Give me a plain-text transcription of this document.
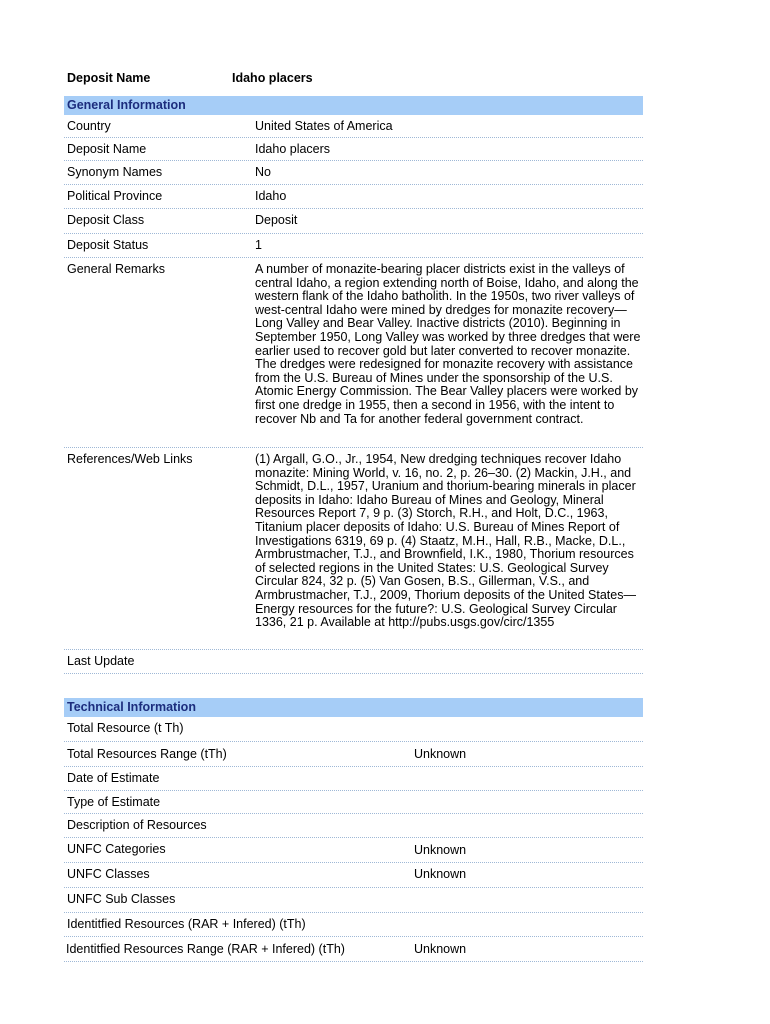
Deposit Name	Idaho placers
General Information
Country	United States of America
Deposit Name	Idaho placers
Synonym Names	No
Political Province	Idaho
Deposit Class	Deposit
Deposit Status	1
General Remarks	A number of monazite-bearing placer districts exist in the valleys of central Idaho, a region extending north of Boise, Idaho, and along the western flank of the Idaho batholith. In the 1950s, two river valleys of west-central Idaho were mined by dredges for monazite recovery—Long Valley and Bear Valley. Inactive districts (2010). Beginning in September 1950, Long Valley was worked by three dredges that were earlier used to recover gold but later converted to recover monazite. The dredges were redesigned for monazite recovery with assistance from the U.S. Bureau of Mines under the sponsorship of the U.S. Atomic Energy Commission. The Bear Valley placers were worked by first one dredge in 1955, then a second in 1956, with the intent to recover Nb and Ta for another federal government contract.
References/Web Links	(1) Argall, G.O., Jr., 1954, New dredging techniques recover Idaho monazite: Mining World, v. 16, no. 2, p. 26–30. (2) Mackin, J.H., and Schmidt, D.L., 1957, Uranium and thorium-bearing minerals in placer deposits in Idaho: Idaho Bureau of Mines and Geology, Mineral Resources Report 7, 9 p. (3) Storch, R.H., and Holt, D.C., 1963, Titanium placer deposits of Idaho: U.S. Bureau of Mines Report of Investigations 6319, 69 p. (4) Staatz, M.H., Hall, R.B., Macke, D.L., Armbrustmacher, T.J., and Brownfield, I.K., 1980, Thorium resources of selected regions in the United States: U.S. Geological Survey Circular 824, 32 p. (5) Van Gosen, B.S., Gillerman, V.S., and Armbrustmacher, T.J., 2009, Thorium deposits of the United States—Energy resources for the future?: U.S. Geological Survey Circular 1336, 21 p. Available at http://pubs.usgs.gov/circ/1355
Last Update
Technical Information
Total Resource (t Th)
Total Resources Range (tTh)	Unknown
Date of Estimate
Type of Estimate
Description of Resources
UNFC Categories	Unknown
UNFC Classes	Unknown
UNFC Sub Classes
Identitfied Resources (RAR + Infered) (tTh)
Identitfied Resources Range (RAR + Infered) (tTh)	Unknown
